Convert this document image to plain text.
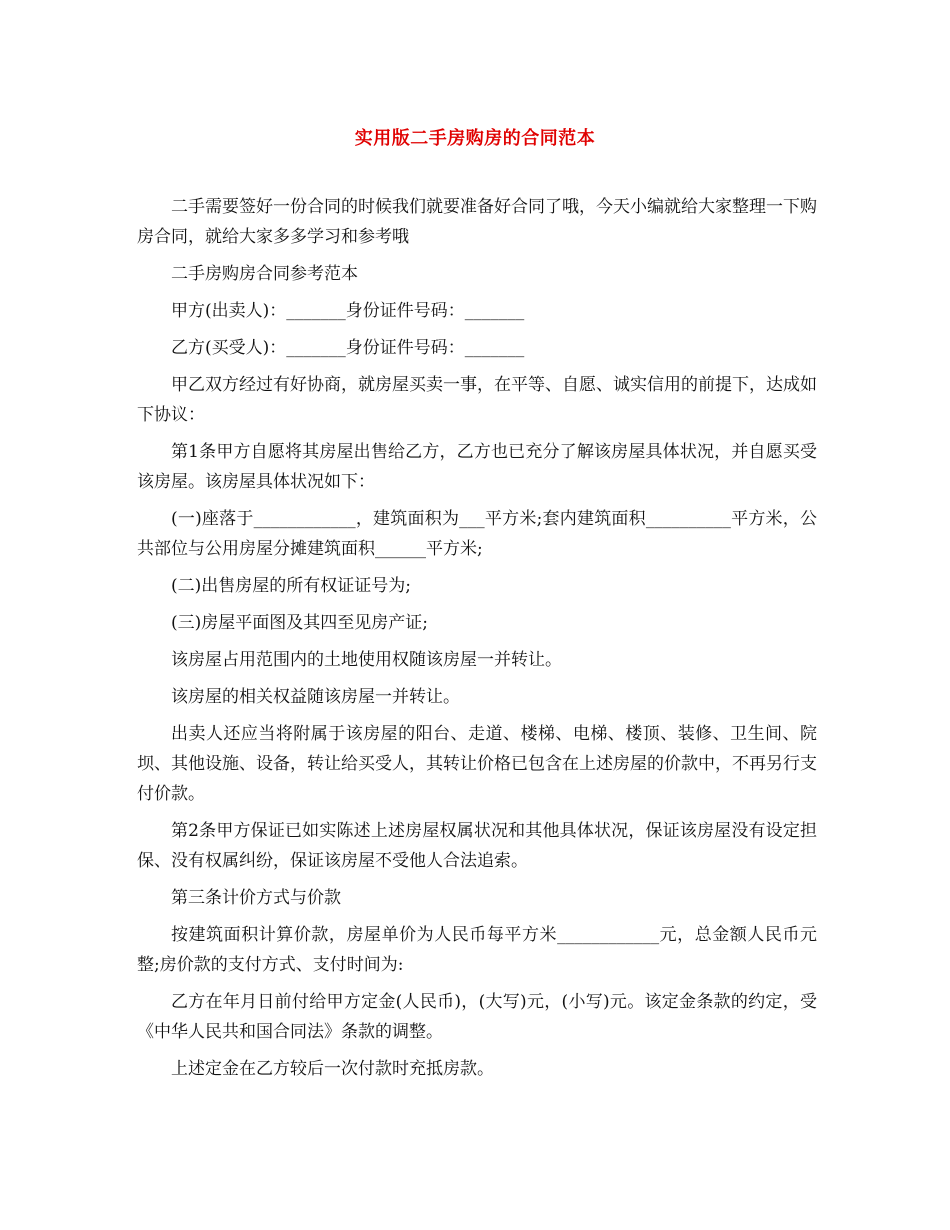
实用版二手房购房的合同范本

二手需要签好一份合同的时候我们就要准备好合同了哦，今天小编就给大家整理一下购房合同，就给大家多多学习和参考哦

二手房购房合同参考范本

甲方(出卖人)：_______身份证件号码：_______

乙方(买受人)：_______身份证件号码：_______

甲乙双方经过有好协商，就房屋买卖一事，在平等、自愿、诚实信用的前提下，达成如下协议：

第1条甲方自愿将其房屋出售给乙方，乙方也已充分了解该房屋具体状况，并自愿买受该房屋。该房屋具体状况如下：

(一)座落于____________，建筑面积为___平方米;套内建筑面积__________平方米，公共部位与公用房屋分摊建筑面积______平方米;

(二)出售房屋的所有权证证号为;

(三)房屋平面图及其四至见房产证;

该房屋占用范围内的土地使用权随该房屋一并转让。

该房屋的相关权益随该房屋一并转让。

出卖人还应当将附属于该房屋的阳台、走道、楼梯、电梯、楼顶、装修、卫生间、院坝、其他设施、设备，转让给买受人，其转让价格已包含在上述房屋的价款中，不再另行支付价款。

第2条甲方保证已如实陈述上述房屋权属状况和其他具体状况，保证该房屋没有设定担保、没有权属纠纷，保证该房屋不受他人合法追索。

第三条计价方式与价款

按建筑面积计算价款，房屋单价为人民币每平方米____________元，总金额人民币元整;房价款的支付方式、支付时间为:

乙方在年月日前付给甲方定金(人民币)，(大写)元，(小写)元。该定金条款的约定，受《中华人民共和国合同法》条款的调整。

上述定金在乙方较后一次付款时充抵房款。
